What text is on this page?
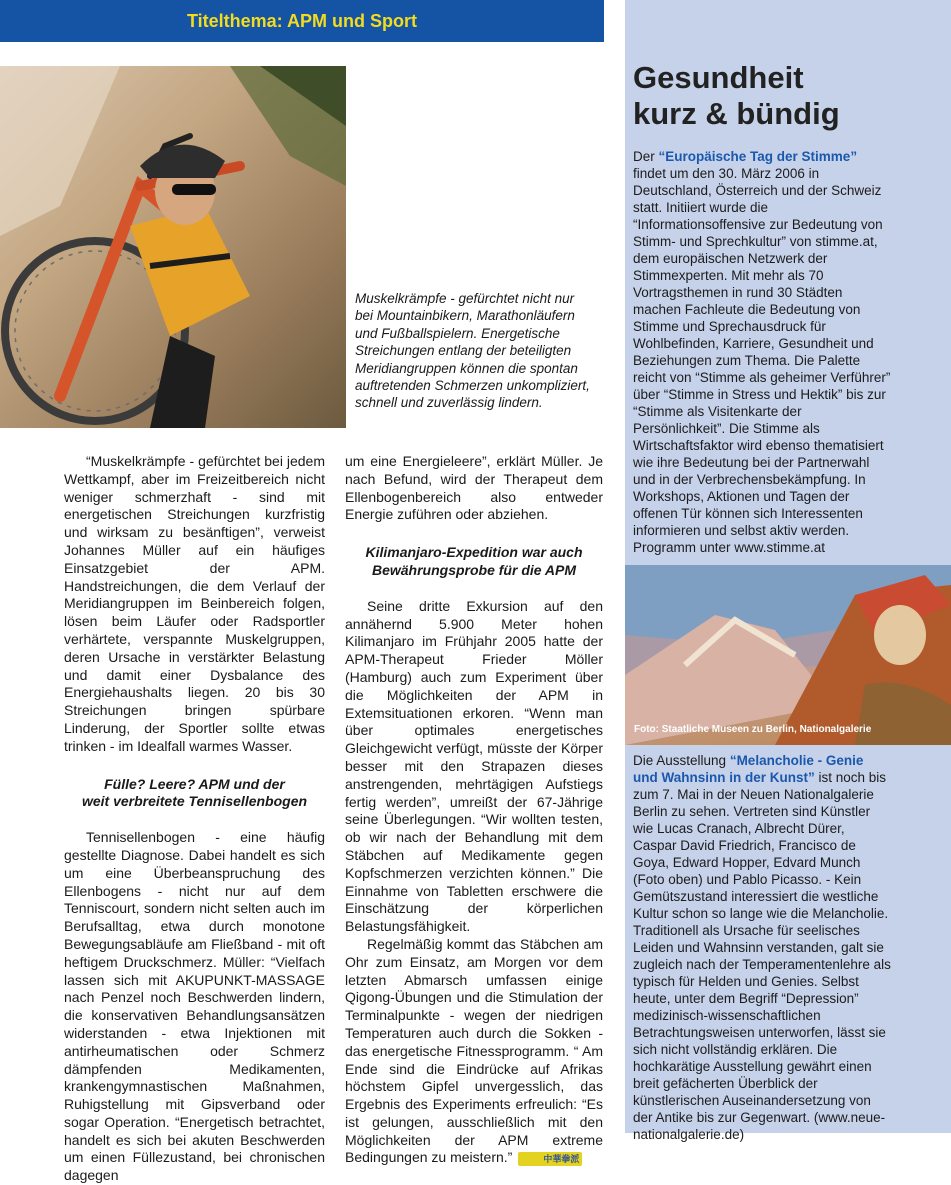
Titelthema: APM und Sport

Muskelkrämpfe - gefürchtet nicht nur bei Mountainbikern, Marathonläufern und Fußballspielern. Energetische Streichungen entlang der beteiligten Meridiangruppen können die spontan auftretenden Schmerzen unkompliziert, schnell und zuverlässig lindern.

“Muskelkrämpfe - gefürchtet bei jedem Wettkampf, aber im Freizeitbereich nicht weniger schmerzhaft - sind mit energetischen Streichungen kurzfristig und wirksam zu besänftigen”, verweist Johannes Müller auf ein häufiges Einsatzgebiet der APM. Handstreichungen, die dem Verlauf der Meridiangruppen im Beinbereich folgen, lösen beim Läufer oder Radsportler verhärtete, verspannte Muskelgruppen, deren Ursache in verstärkter Belastung und damit einer Dysbalance des Energiehaushalts liegen. 20 bis 30 Streichungen bringen spürbare Linderung, der Sportler sollte etwas trinken - im Idealfall warmes Wasser.

Fülle? Leere? APM und der
weit verbreitete Tennisellenbogen

Tennisellenbogen - eine häufig gestellte Diagnose. Dabei handelt es sich um eine Überbeanspruchung des Ellenbogens - nicht nur auf dem Tenniscourt, sondern nicht selten auch im Berufsalltag, etwa durch monotone Bewegungsabläufe am Fließband - mit oft heftigem Druckschmerz. Müller: “Vielfach lassen sich mit AKUPUNKT-MASSAGE nach Penzel noch Beschwerden lindern, die konservativen Behandlungsansätzen widerstanden - etwa Injektionen mit antirheumatischen oder Schmerz dämpfenden Medikamenten, krankengymnastischen Maßnahmen, Ruhigstellung mit Gipsverband oder sogar Operation. “Energetisch betrachtet, handelt es sich bei akuten Beschwerden um einen Füllezustand, bei chronischen dagegen

um eine Energieleere”, erklärt Müller. Je nach Befund, wird der Therapeut dem Ellenbogenbereich also entweder Energie zuführen oder abziehen.

Kilimanjaro-Expedition war auch
Bewährungsprobe für die APM

Seine dritte Exkursion auf den annähernd 5.900 Meter hohen Kilimanjaro im Frühjahr 2005 hatte der APM-Therapeut Frieder Möller (Hamburg) auch zum Experiment über die Möglichkeiten der APM in Extemsituationen erkoren. “Wenn man über optimales energetisches Gleichgewicht verfügt, müsste der Körper besser mit den Strapazen dieses anstrengenden, mehrtägigen Aufstiegs fertig werden”, umreißt der 67-Jährige seine Überlegungen. “Wir wollten testen, ob wir nach der Behandlung mit dem Stäbchen auf Medikamente gegen Kopfschmerzen verzichten können.” Die Einnahme von Tabletten erschwere die Einschätzung der körperlichen Belastungsfähigkeit.

Regelmäßig kommt das Stäbchen am Ohr zum Einsatz, am Morgen vor dem letzten Abmarsch umfassen einige Qigong-Übungen und die Stimulation der Terminalpunkte - wegen der niedrigen Temperaturen auch durch die Sokken - das energetische Fitnessprogramm. “ Am Ende sind die Eindrücke auf Afrikas höchstem Gipfel unvergesslich, das Ergebnis des Experiments erfreulich: “Es ist gelungen, ausschließlich mit den Möglichkeiten der APM extreme Bedingungen zu meistern.”	中華拳派

Gesundheit
kurz & bündig

Der “Europäische Tag der Stimme” findet um den 30. März 2006 in Deutschland, Österreich und der Schweiz statt. Initiiert wurde die “Informationsoffensive zur Bedeutung von Stimm- und Sprechkultur” von stimme.at, dem europäischen Netzwerk der Stimmexperten. Mit mehr als 70 Vortragsthemen in rund 30 Städten machen Fachleute die Bedeutung von Stimme und Sprechausdruck für Wohlbefinden, Karriere, Gesundheit und Beziehungen zum Thema. Die Palette reicht von “Stimme als geheimer Verführer” über “Stimme in Stress und Hektik” bis zur “Stimme als Visitenkarte der Persönlichkeit”. Die Stimme als Wirtschaftsfaktor wird ebenso thematisiert wie ihre Bedeutung bei der Partnerwahl und in der Verbrechensbekämpfung. In Workshops, Aktionen und Tagen der offenen Tür können sich Interessenten informieren und selbst aktiv werden. Programm unter www.stimme.at

Foto: Staatliche Museen zu Berlin, Nationalgalerie

Die Ausstellung “Melancholie - Genie und Wahnsinn in der Kunst” ist noch bis zum 7. Mai in der Neuen Nationalgalerie Berlin zu sehen. Vertreten sind Künstler wie Lucas Cranach, Albrecht Dürer, Caspar David Friedrich, Francisco de Goya, Edward Hopper, Edvard Munch (Foto oben) und Pablo Picasso. - Kein Gemütszustand interessiert die westliche Kultur schon so lange wie die Melancholie. Traditionell als Ursache für seelisches Leiden und Wahnsinn verstanden, galt sie zugleich nach der Temperamentenlehre als typisch für Helden und Genies. Selbst heute, unter dem Begriff “Depression” medizinisch-wissenschaftlichen Betrachtungsweisen unterworfen, lässt sie sich nicht vollständig erklären. Die hochkarätige Ausstellung gewährt einen breit gefächerten Überblick der künstlerischen Auseinandersetzung von der Antike bis zur Gegenwart. (www.neue-nationalgalerie.de)
